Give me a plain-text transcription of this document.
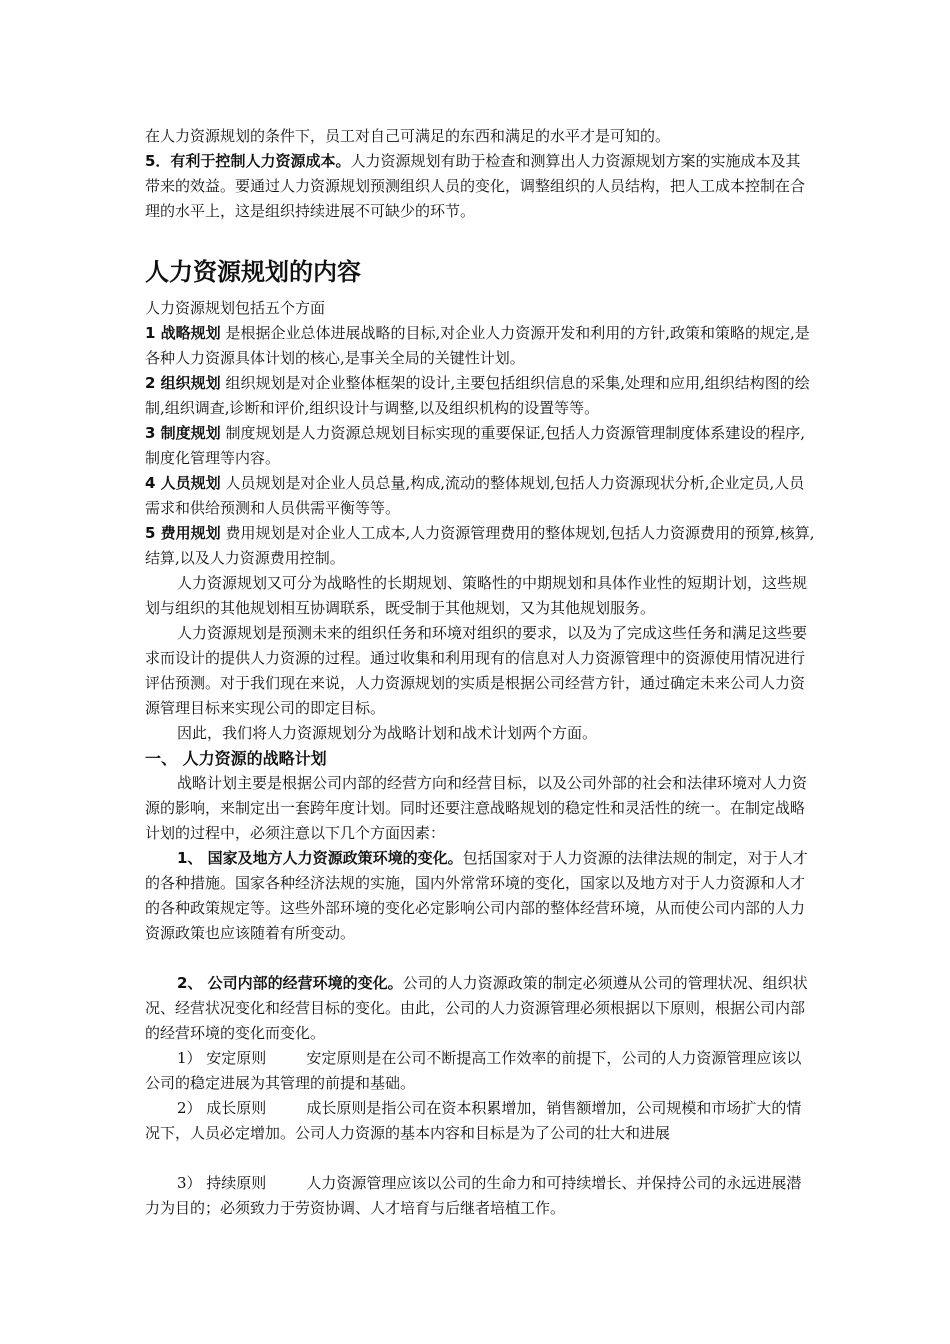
在人力资源规划的条件下，员工对自己可满足的东西和满足的水平才是可知的。

5．有利于控制人力资源成本。人力资源规划有助于检查和测算出人力资源规划方案的实施成本及其带来的效益。要通过人力资源规划预测组织人员的变化，调整组织的人员结构，把人工成本控制在合理的水平上，这是组织持续进展不可缺少的环节。

人力资源规划的内容

人力资源规划包括五个方面

1 战略规划 是根据企业总体进展战略的目标,对企业人力资源开发和利用的方针,政策和策略的规定,是各种人力资源具体计划的核心,是事关全局的关键性计划。

2 组织规划 组织规划是对企业整体框架的设计,主要包括组织信息的采集,处理和应用,组织结构图的绘制,组织调查,诊断和评价,组织设计与调整,以及组织机构的设置等等。

3 制度规划 制度规划是人力资源总规划目标实现的重要保证,包括人力资源管理制度体系建设的程序,制度化管理等内容。

4 人员规划 人员规划是对企业人员总量,构成,流动的整体规划,包括人力资源现状分析,企业定员,人员需求和供给预测和人员供需平衡等等。

5 费用规划 费用规划是对企业人工成本,人力资源管理费用的整体规划,包括人力资源费用的预算,核算,结算,以及人力资源费用控制。

人力资源规划又可分为战略性的长期规划、策略性的中期规划和具体作业性的短期计划，这些规划与组织的其他规划相互协调联系，既受制于其他规划，又为其他规划服务。

人力资源规划是预测未来的组织任务和环境对组织的要求，以及为了完成这些任务和满足这些要求而设计的提供人力资源的过程。通过收集和利用现有的信息对人力资源管理中的资源使用情况进行评估预测。对于我们现在来说，人力资源规划的实质是根据公司经营方针，通过确定未来公司人力资源管理目标来实现公司的即定目标。

因此，我们将人力资源规划分为战略计划和战术计划两个方面。

一、 人力资源的战略计划

战略计划主要是根据公司内部的经营方向和经营目标，以及公司外部的社会和法律环境对人力资源的影响，来制定出一套跨年度计划。同时还要注意战略规划的稳定性和灵活性的统一。在制定战略计划的过程中，必须注意以下几个方面因素：

1、 国家及地方人力资源政策环境的变化。包括国家对于人力资源的法律法规的制定，对于人才的各种措施。国家各种经济法规的实施，国内外常常环境的变化，国家以及地方对于人力资源和人才的各种政策规定等。这些外部环境的变化必定影响公司内部的整体经营环境，从而使公司内部的人力资源政策也应该随着有所变动。

2、 公司内部的经营环境的变化。公司的人力资源政策的制定必须遵从公司的管理状况、组织状况、经营状况变化和经营目标的变化。由此，公司的人力资源管理必须根据以下原则，根据公司内部的经营环境的变化而变化。

1） 安定原则	安定原则是在公司不断提高工作效率的前提下，公司的人力资源管理应该以公司的稳定进展为其管理的前提和基础。

2） 成长原则	成长原则是指公司在资本积累增加，销售额增加，公司规模和市场扩大的情况下，人员必定增加。公司人力资源的基本内容和目标是为了公司的壮大和进展

3） 持续原则	人力资源管理应该以公司的生命力和可持续增长、并保持公司的永远进展潜力为目的；必须致力于劳资协调、人才培育与后继者培植工作。
